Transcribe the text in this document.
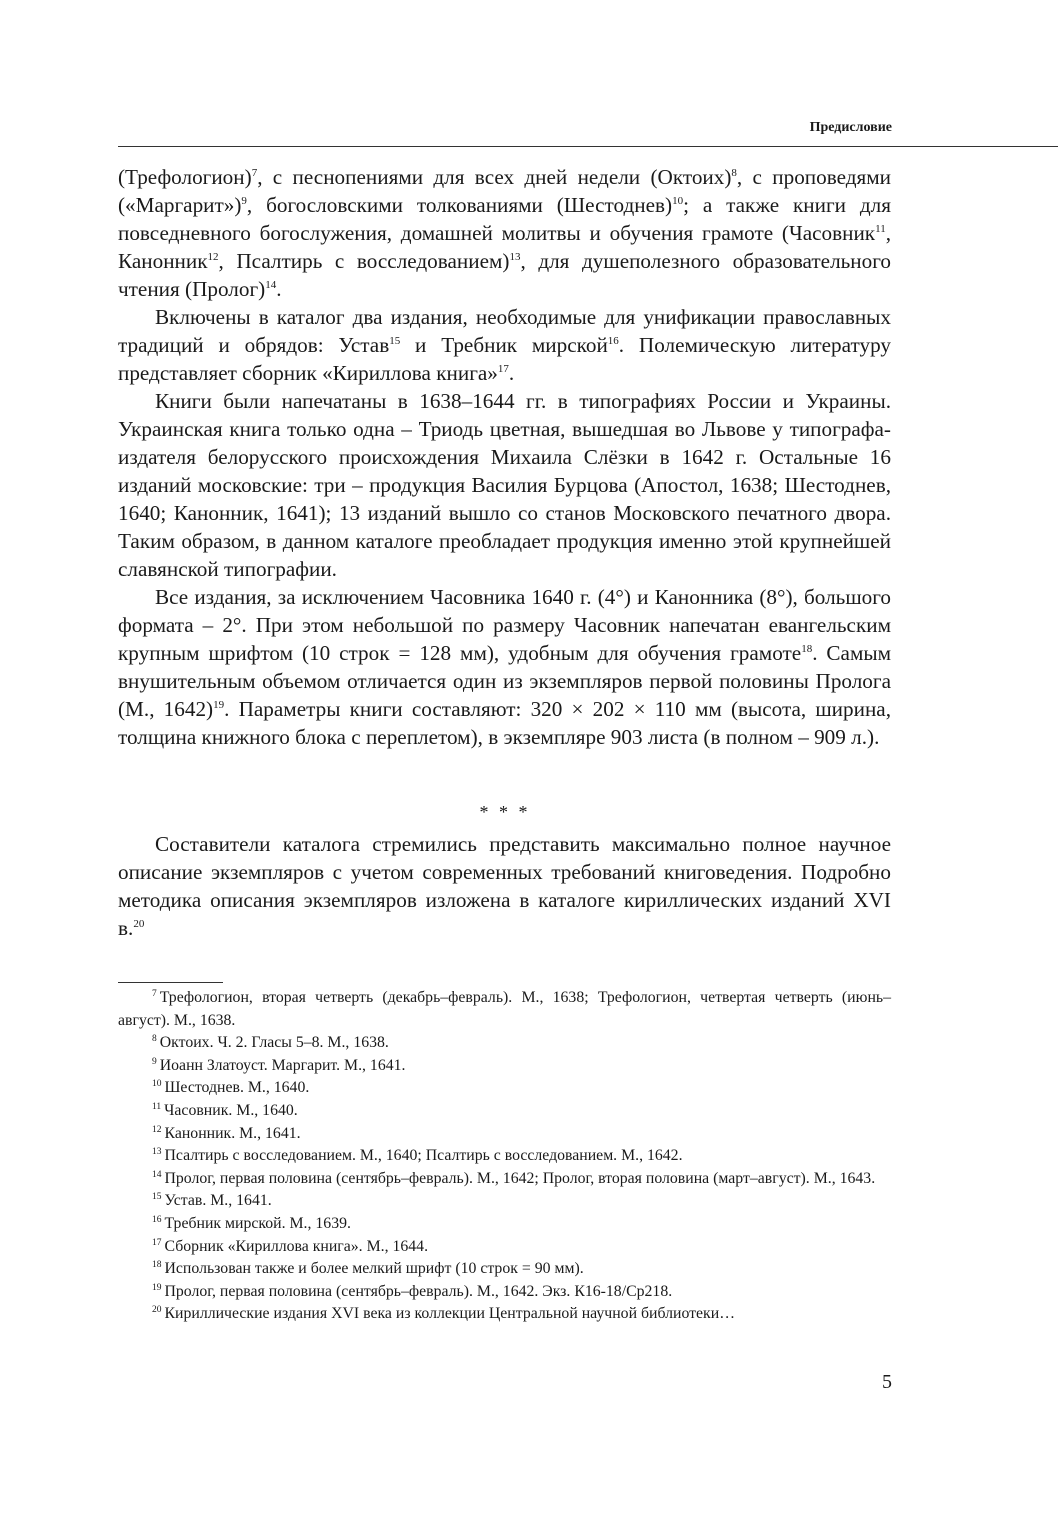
Предисловие

(Трефологион)$^7$, с песнопениями для всех дней недели (Октоих)$^8$, с проповедями («Маргарит»)$^9$, богословскими толкованиями (Шестоднев)$^{10}$; а также книги для повседневного богослужения, домашней молитвы и обучения грамоте (Часовник$^{11}$, Канонник$^{12}$, Псалтирь с восследованием)$^{13}$, для душеполезного образовательного чтения (Пролог)$^{14}$.

Включены в каталог два издания, необходимые для унификации православных традиций и обрядов: Устав$^{15}$ и Требник мирской$^{16}$. Полемическую литературу представляет сборник «Кириллова книга»$^{17}$.

Книги были напечатаны в 1638–1644 гг. в типографиях России и Украины. Украинская книга только одна – Триодь цветная, вышедшая во Львове у типографа-издателя белорусского происхождения Михаила Слёзки в 1642 г. Остальные 16 изданий московские: три – продукция Василия Бурцова (Апостол, 1638; Шестоднев, 1640; Канонник, 1641); 13 изданий вышло со станов Московского печатного двора. Таким образом, в данном каталоге преобладает продукция именно этой крупнейшей славянской типографии.

Все издания, за исключением Часовника 1640 г. (4°) и Канонника (8°), большого формата – 2°. При этом небольшой по размеру Часовник напечатан евангельским крупным шрифтом (10 строк = 128 мм), удобным для обучения грамоте$^{18}$. Самым внушительным объемом отличается один из экземпляров первой половины Пролога (М., 1642)$^{19}$. Параметры книги составляют: 320 × 202 × 110 мм (высота, ширина, толщина книжного блока с переплетом), в экземпляре 903 листа (в полном – 909 л.).

* * *

Составители каталога стремились представить максимально полное научное описание экземпляров с учетом современных требований книговедения. Подробно методика описания экземпляров изложена в каталоге кириллических изданий XVI в.$^{20}$

$^7$ Трефологион, вторая четверть (декабрь–февраль). М., 1638; Трефологион, четвертая четверть (июнь–август). М., 1638.

$^8$ Октоих. Ч. 2. Гласы 5–8. М., 1638.

$^9$ Иоанн Златоуст. Маргарит. М., 1641.

$^{10}$ Шестоднев. М., 1640.

$^{11}$ Часовник. М., 1640.

$^{12}$ Канонник. М., 1641.

$^{13}$ Псалтирь с восследованием. М., 1640; Псалтирь с восследованием. М., 1642.

$^{14}$ Пролог, первая половина (сентябрь–февраль). М., 1642; Пролог, вторая половина (март–август). М., 1643.

$^{15}$ Устав. М., 1641.

$^{16}$ Требник мирской. М., 1639.

$^{17}$ Сборник «Кириллова книга». М., 1644.

$^{18}$ Использован также и более мелкий шрифт (10 строк = 90 мм).

$^{19}$ Пролог, первая половина (сентябрь–февраль). М., 1642. Экз. К16-18/Ср218.

$^{20}$ Кириллические издания XVI века из коллекции Центральной научной библиотеки…

5
